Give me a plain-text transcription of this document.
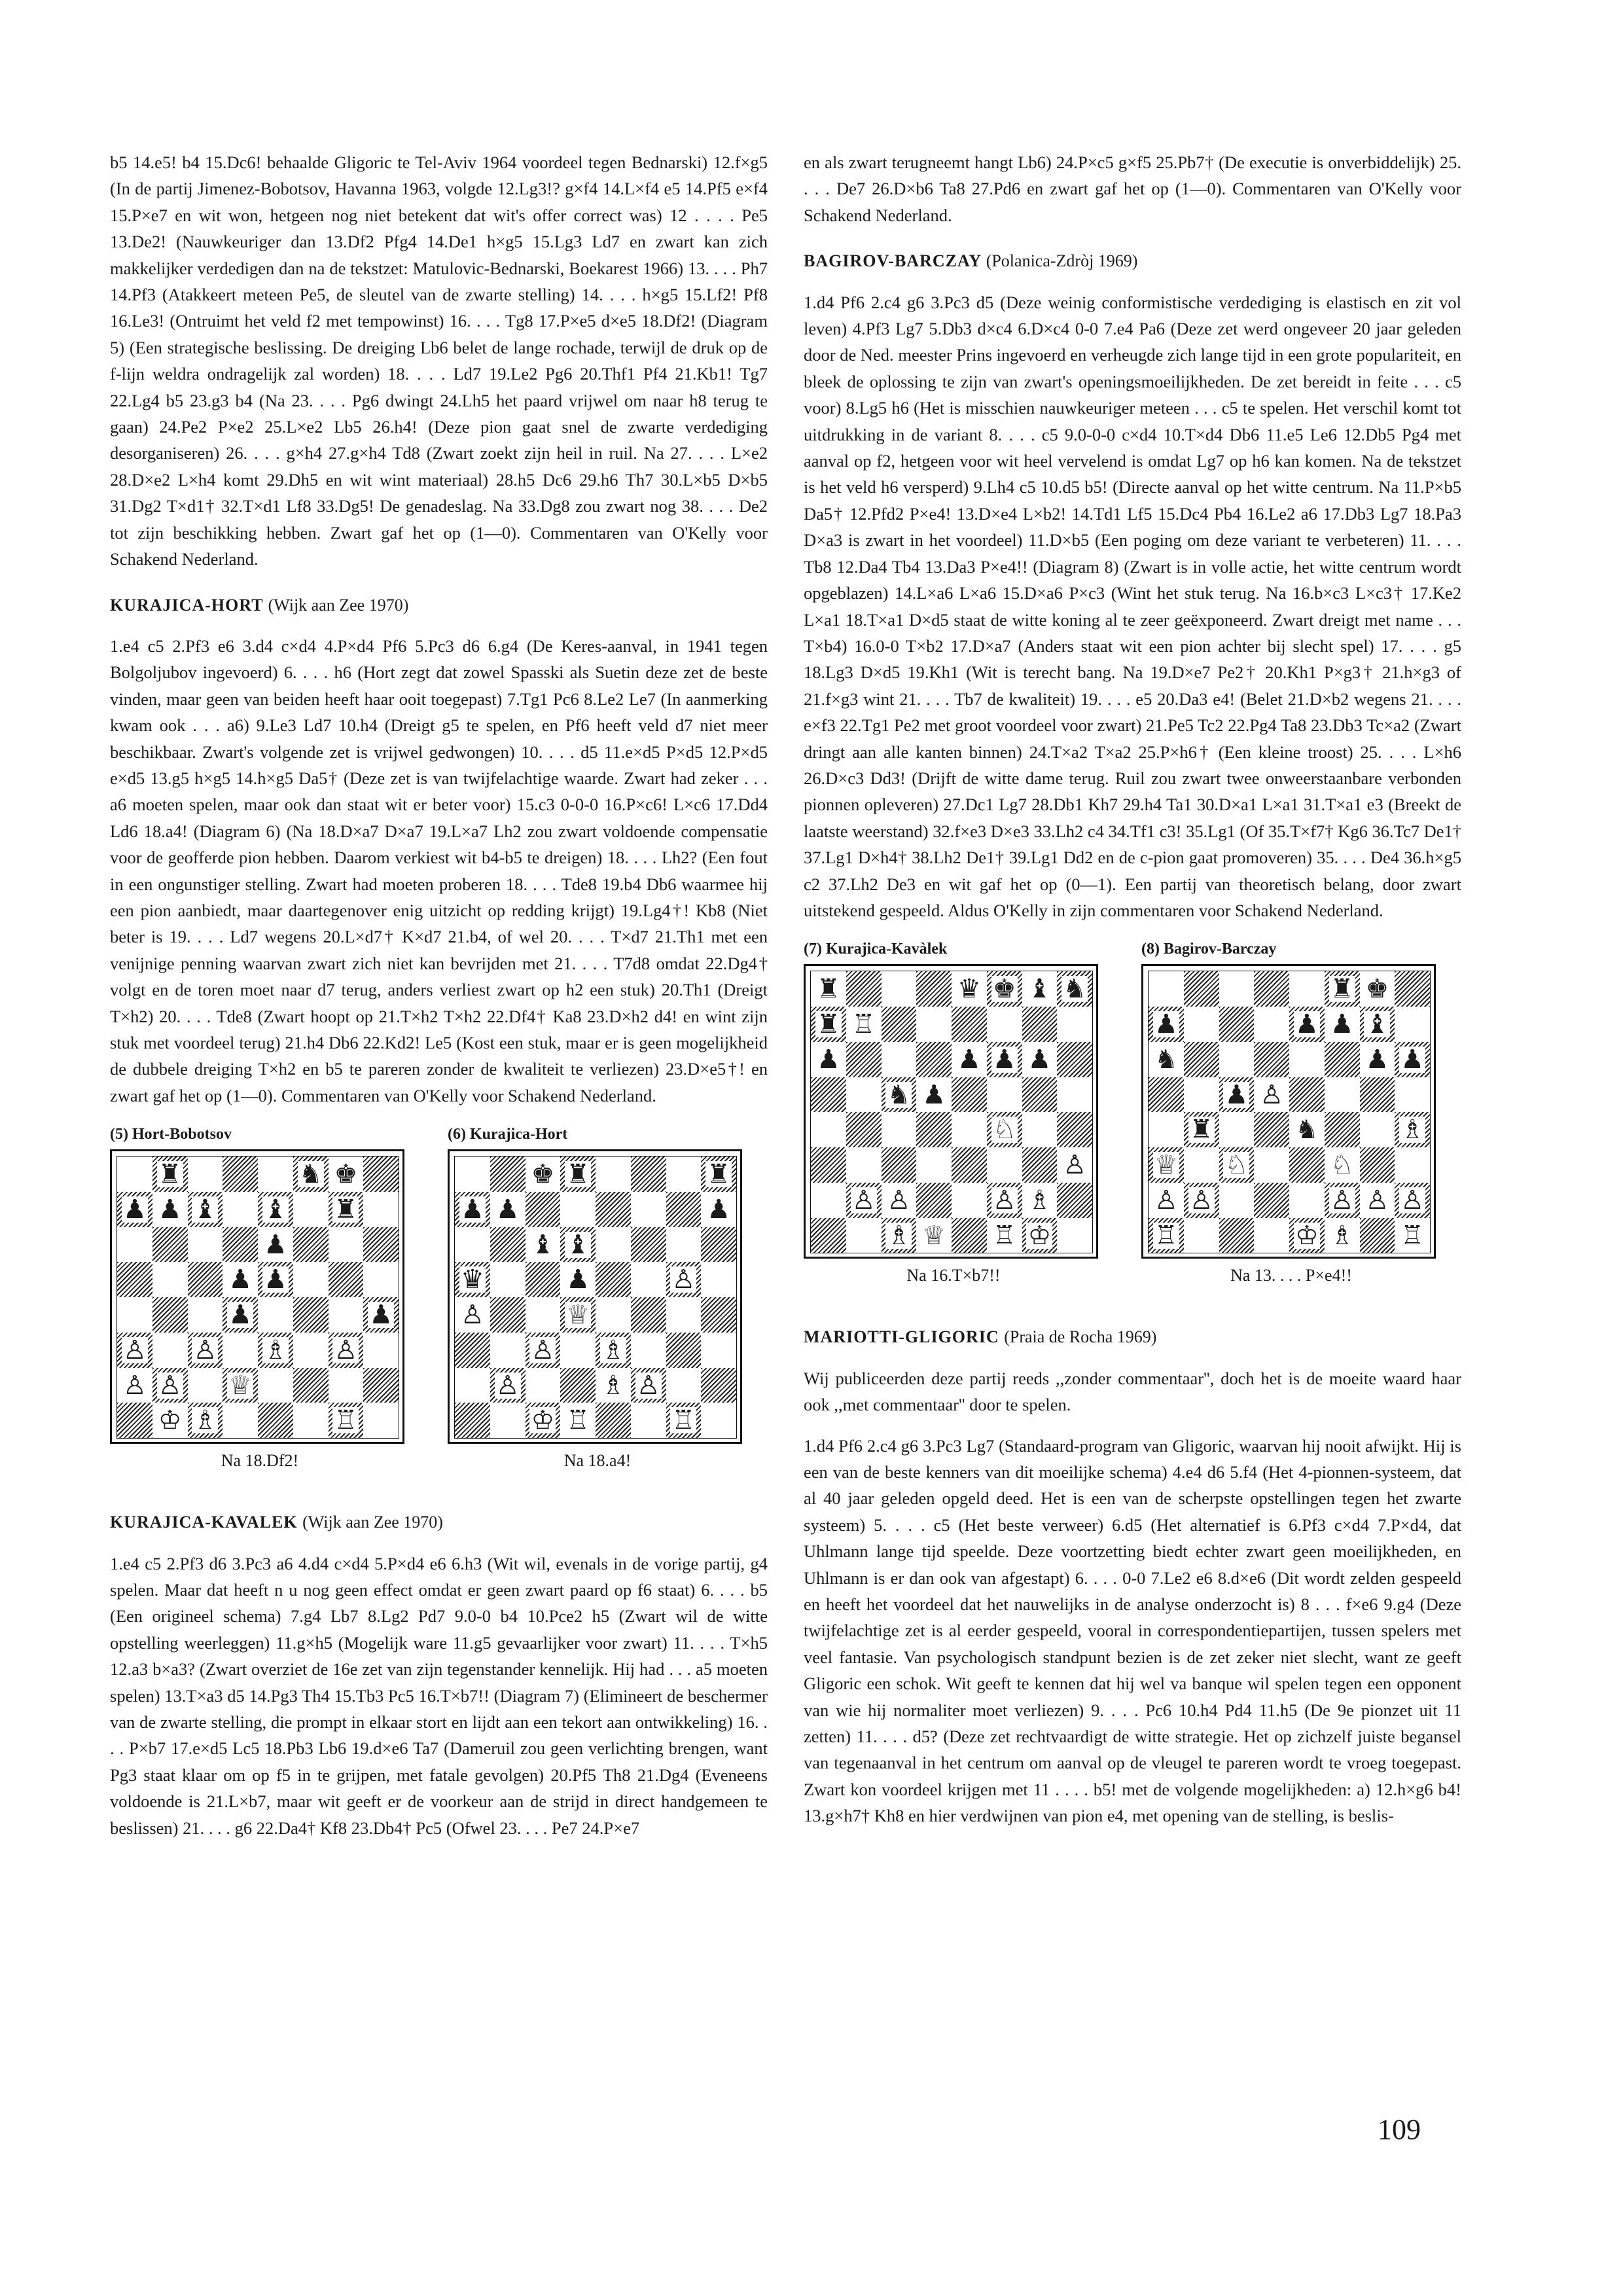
b5 14.e5! b4 15.Dc6! behaalde Gligoric te Tel-Aviv 1964 voordeel tegen Bednarski) 12.f×g5 (In de partij Jimenez-Bobotsov, Havanna 1963, volgde 12.Lg3!? g×f4 14.L×f4 e5 14.Pf5 e×f4 15.P×e7 en wit won, hetgeen nog niet betekent dat wit's offer correct was) 12 . . . . Pe5 13.De2! (Nauwkeuriger dan 13.Df2 Pfg4 14.De1 h×g5 15.Lg3 Ld7 en zwart kan zich makkelijker verdedigen dan na de tekstzet: Matulovic-Bednarski, Boekarest 1966) 13. . . . Ph7 14.Pf3 (Atakkeert meteen Pe5, de sleutel van de zwarte stelling) 14. . . . h×g5 15.Lf2! Pf8 16.Le3! (Ontruimt het veld f2 met tempowinst) 16. . . . Tg8 17.P×e5 d×e5 18.Df2! (Diagram 5) (Een strategische beslissing. De dreiging Lb6 belet de lange rochade, terwijl de druk op de f-lijn weldra ondragelijk zal worden) 18. . . . Ld7 19.Le2 Pg6 20.Thf1 Pf4 21.Kb1! Tg7 22.Lg4 b5 23.g3 b4 (Na 23. . . . Pg6 dwingt 24.Lh5 het paard vrijwel om naar h8 terug te gaan) 24.Pe2 P×e2 25.L×e2 Lb5 26.h4! (Deze pion gaat snel de zwarte verdediging desorganiseren) 26. . . . g×h4 27.g×h4 Td8 (Zwart zoekt zijn heil in ruil. Na 27. . . . L×e2 28.D×e2 L×h4 komt 29.Dh5 en wit wint materiaal) 28.h5 Dc6 29.h6 Th7 30.L×b5 D×b5 31.Dg2 T×d1† 32.T×d1 Lf8 33.Dg5! De genadeslag. Na 33.Dg8 zou zwart nog 38. . . . De2 tot zijn beschikking hebben. Zwart gaf het op (1—0). Commentaren van O'Kelly voor Schakend Nederland.

KURAJICA-HORT (Wijk aan Zee 1970)

1.e4 c5 2.Pf3 e6 3.d4 c×d4 4.P×d4 Pf6 5.Pc3 d6 6.g4 (De Keres-aanval, in 1941 tegen Bolgoljubov ingevoerd) 6. . . . h6 (Hort zegt dat zowel Spasski als Suetin deze zet de beste vinden, maar geen van beiden heeft haar ooit toegepast) 7.Tg1 Pc6 8.Le2 Le7 (In aanmerking kwam ook . . . a6) 9.Le3 Ld7 10.h4 (Dreigt g5 te spelen, en Pf6 heeft veld d7 niet meer beschikbaar. Zwart's volgende zet is vrijwel gedwongen) 10. . . . d5 11.e×d5 P×d5 12.P×d5 e×d5 13.g5 h×g5 14.h×g5 Da5† (Deze zet is van twijfelachtige waarde. Zwart had zeker . . . a6 moeten spelen, maar ook dan staat wit er beter voor) 15.c3 0-0-0 16.P×c6! L×c6 17.Dd4 Ld6 18.a4! (Diagram 6) (Na 18.D×a7 D×a7 19.L×a7 Lh2 zou zwart voldoende compensatie voor de geofferde pion hebben. Daarom verkiest wit b4-b5 te dreigen) 18. . . . Lh2? (Een fout in een ongunstiger stelling. Zwart had moeten proberen 18. . . . Tde8 19.b4 Db6 waarmee hij een pion aanbiedt, maar daartegenover enig uitzicht op redding krijgt) 19.Lg4†! Kb8 (Niet beter is 19. . . . Ld7 wegens 20.L×d7† K×d7 21.b4, of wel 20. . . . T×d7 21.Th1 met een venijnige penning waarvan zwart zich niet kan bevrijden met 21. . . . T7d8 omdat 22.Dg4† volgt en de toren moet naar d7 terug, anders verliest zwart op h2 een stuk) 20.Th1 (Dreigt T×h2) 20. . . . Tde8 (Zwart hoopt op 21.T×h2 T×h2 22.Df4† Ka8 23.D×h2 d4! en wint zijn stuk met voordeel terug) 21.h4 Db6 22.Kd2! Le5 (Kost een stuk, maar er is geen mogelijkheid de dubbele dreiging T×h2 en b5 te pareren zonder de kwaliteit te verliezen) 23.D×e5†! en zwart gaf het op (1—0). Commentaren van O'Kelly voor Schakend Nederland.

(5) Hort-Bobotsov
♜	♞ ♚
♟ ♟ ♝ ♝ ♜
♟
♟ ♟
♟	♟
♙ ♙ ♗ ♙
♙ ♙ ♕
♔ ♗	♖
Na 18.Df2!
(6) Kurajica-Hort
♚ ♜	♜
♟ ♟	♟
♝ ♝
♛	♟	♙
♙	♕
♙ ♗
♙	♗ ♙
♔ ♖	♖
Na 18.a4!

KURAJICA-KAVALEK (Wijk aan Zee 1970)

1.e4 c5 2.Pf3 d6 3.Pc3 a6 4.d4 c×d4 5.P×d4 e6 6.h3 (Wit wil, evenals in de vorige partij, g4 spelen. Maar dat heeft n u nog geen effect omdat er geen zwart paard op f6 staat) 6. . . . b5 (Een origineel schema) 7.g4 Lb7 8.Lg2 Pd7 9.0-0 b4 10.Pce2 h5 (Zwart wil de witte opstelling weerleggen) 11.g×h5 (Mogelijk ware 11.g5 gevaarlijker voor zwart) 11. . . . T×h5 12.a3 b×a3? (Zwart overziet de 16e zet van zijn tegenstander kennelijk. Hij had . . . a5 moeten spelen) 13.T×a3 d5 14.Pg3 Th4 15.Tb3 Pc5 16.T×b7!! (Diagram 7) (Elimineert de beschermer van de zwarte stelling, die prompt in elkaar stort en lijdt aan een tekort aan ontwikkeling) 16. . . . P×b7 17.e×d5 Lc5 18.Pb3 Lb6 19.d×e6 Ta7 (Dameruil zou geen verlichting brengen, want Pg3 staat klaar om op f5 in te grijpen, met fatale gevolgen) 20.Pf5 Th8 21.Dg4 (Eveneens voldoende is 21.L×b7, maar wit geeft er de voorkeur aan de strijd in direct handgemeen te beslissen) 21. . . . g6 22.Da4† Kf8 23.Db4† Pc5 (Ofwel 23. . . . Pe7 24.P×e7

en als zwart terugneemt hangt Lb6) 24.P×c5 g×f5 25.Pb7† (De executie is onverbiddelijk) 25. . . . De7 26.D×b6 Ta8 27.Pd6 en zwart gaf het op (1—0). Commentaren van O'Kelly voor Schakend Nederland.

BAGIROV-BARCZAY (Polanica-Zdròj 1969)

1.d4 Pf6 2.c4 g6 3.Pc3 d5 (Deze weinig conformistische verdediging is elastisch en zit vol leven) 4.Pf3 Lg7 5.Db3 d×c4 6.D×c4 0-0 7.e4 Pa6 (Deze zet werd ongeveer 20 jaar geleden door de Ned. meester Prins ingevoerd en verheugde zich lange tijd in een grote populariteit, en bleek de oplossing te zijn van zwart's openingsmoeilijkheden. De zet bereidt in feite . . . c5 voor) 8.Lg5 h6 (Het is misschien nauwkeuriger meteen . . . c5 te spelen. Het verschil komt tot uitdrukking in de variant 8. . . . c5 9.0-0-0 c×d4 10.T×d4 Db6 11.e5 Le6 12.Db5 Pg4 met aanval op f2, hetgeen voor wit heel vervelend is omdat Lg7 op h6 kan komen. Na de tekstzet is het veld h6 versperd) 9.Lh4 c5 10.d5 b5! (Directe aanval op het witte centrum. Na 11.P×b5 Da5† 12.Pfd2 P×e4! 13.D×e4 L×b2! 14.Td1 Lf5 15.Dc4 Pb4 16.Le2 a6 17.Db3 Lg7 18.Pa3 D×a3 is zwart in het voordeel) 11.D×b5 (Een poging om deze variant te verbeteren) 11. . . . Tb8 12.Da4 Tb4 13.Da3 P×e4!! (Diagram 8) (Zwart is in volle actie, het witte centrum wordt opgeblazen) 14.L×a6 L×a6 15.D×a6 P×c3 (Wint het stuk terug. Na 16.b×c3 L×c3† 17.Ke2 L×a1 18.T×a1 D×d5 staat de witte koning al te zeer geëxponeerd. Zwart dreigt met name . . . T×b4) 16.0-0 T×b2 17.D×a7 (Anders staat wit een pion achter bij slecht spel) 17. . . . g5 18.Lg3 D×d5 19.Kh1 (Wit is terecht bang. Na 19.D×e7 Pe2† 20.Kh1 P×g3† 21.h×g3 of 21.f×g3 wint 21. . . . Tb7 de kwaliteit) 19. . . . e5 20.Da3 e4! (Belet 21.D×b2 wegens 21. . . . e×f3 22.Tg1 Pe2 met groot voordeel voor zwart) 21.Pe5 Tc2 22.Pg4 Ta8 23.Db3 Tc×a2 (Zwart dringt aan alle kanten binnen) 24.T×a2 T×a2 25.P×h6† (Een kleine troost) 25. . . . L×h6 26.D×c3 Dd3! (Drijft de witte dame terug. Ruil zou zwart twee onweerstaanbare verbonden pionnen opleveren) 27.Dc1 Lg7 28.Db1 Kh7 29.h4 Ta1 30.D×a1 L×a1 31.T×a1 e3 (Breekt de laatste weerstand) 32.f×e3 D×e3 33.Lh2 c4 34.Tf1 c3! 35.Lg1 (Of 35.T×f7† Kg6 36.Tc7 De1† 37.Lg1 D×h4† 38.Lh2 De1† 39.Lg1 Dd2 en de c-pion gaat promoveren) 35. . . . De4 36.h×g5 c2 37.Lh2 De3 en wit gaf het op (0—1). Een partij van theoretisch belang, door zwart uitstekend gespeeld. Aldus O'Kelly in zijn commentaren voor Schakend Nederland.

(7) Kurajica-Kavàlek
♜	♛ ♚ ♝ ♞
♜ ♖
♟	♟ ♟ ♟
♞ ♟
♘
♙
♙ ♙	♙ ♗
♗ ♕ ♖ ♔
Na 16.T×b7!!
(8) Bagirov-Barczay
♜ ♚
♟	♟ ♟ ♝
♞	♟ ♟
♟ ♙
♜	♞	♗
♕ ♘	♘
♙ ♙	♙ ♙ ♙
♖	♔ ♗ ♖
Na 13. . . . P×e4!!

MARIOTTI-GLIGORIC (Praia de Rocha 1969)

Wij publiceerden deze partij reeds ,,zonder commentaar'', doch het is de moeite waard haar ook ,,met commentaar'' door te spelen.

1.d4 Pf6 2.c4 g6 3.Pc3 Lg7 (Standaard-program van Gligoric, waarvan hij nooit afwijkt. Hij is een van de beste kenners van dit moeilijke schema) 4.e4 d6 5.f4 (Het 4-pionnen-systeem, dat al 40 jaar geleden opgeld deed. Het is een van de scherpste opstellingen tegen het zwarte systeem) 5. . . . c5 (Het beste verweer) 6.d5 (Het alternatief is 6.Pf3 c×d4 7.P×d4, dat Uhlmann lange tijd speelde. Deze voortzetting biedt echter zwart geen moeilijkheden, en Uhlmann is er dan ook van afgestapt) 6. . . . 0-0 7.Le2 e6 8.d×e6 (Dit wordt zelden gespeeld en heeft het voordeel dat het nauwelijks in de analyse onderzocht is) 8 . . . f×e6 9.g4 (Deze twijfelachtige zet is al eerder gespeeld, vooral in correspondentiepartijen, tussen spelers met veel fantasie. Van psychologisch standpunt bezien is de zet zeker niet slecht, want ze geeft Gligoric een schok. Wit geeft te kennen dat hij wel va banque wil spelen tegen een opponent van wie hij normaliter moet verliezen) 9. . . . Pc6 10.h4 Pd4 11.h5 (De 9e pionzet uit 11 zetten) 11. . . . d5? (Deze zet rechtvaardigt de witte strategie. Het op zichzelf juiste begansel van tegenaanval in het centrum om aanval op de vleugel te pareren wordt te vroeg toegepast. Zwart kon voordeel krijgen met 11 . . . . b5! met de volgende mogelijkheden: a) 12.h×g6 b4! 13.g×h7† Kh8 en hier verdwijnen van pion e4, met opening van de stelling, is beslis-

109
